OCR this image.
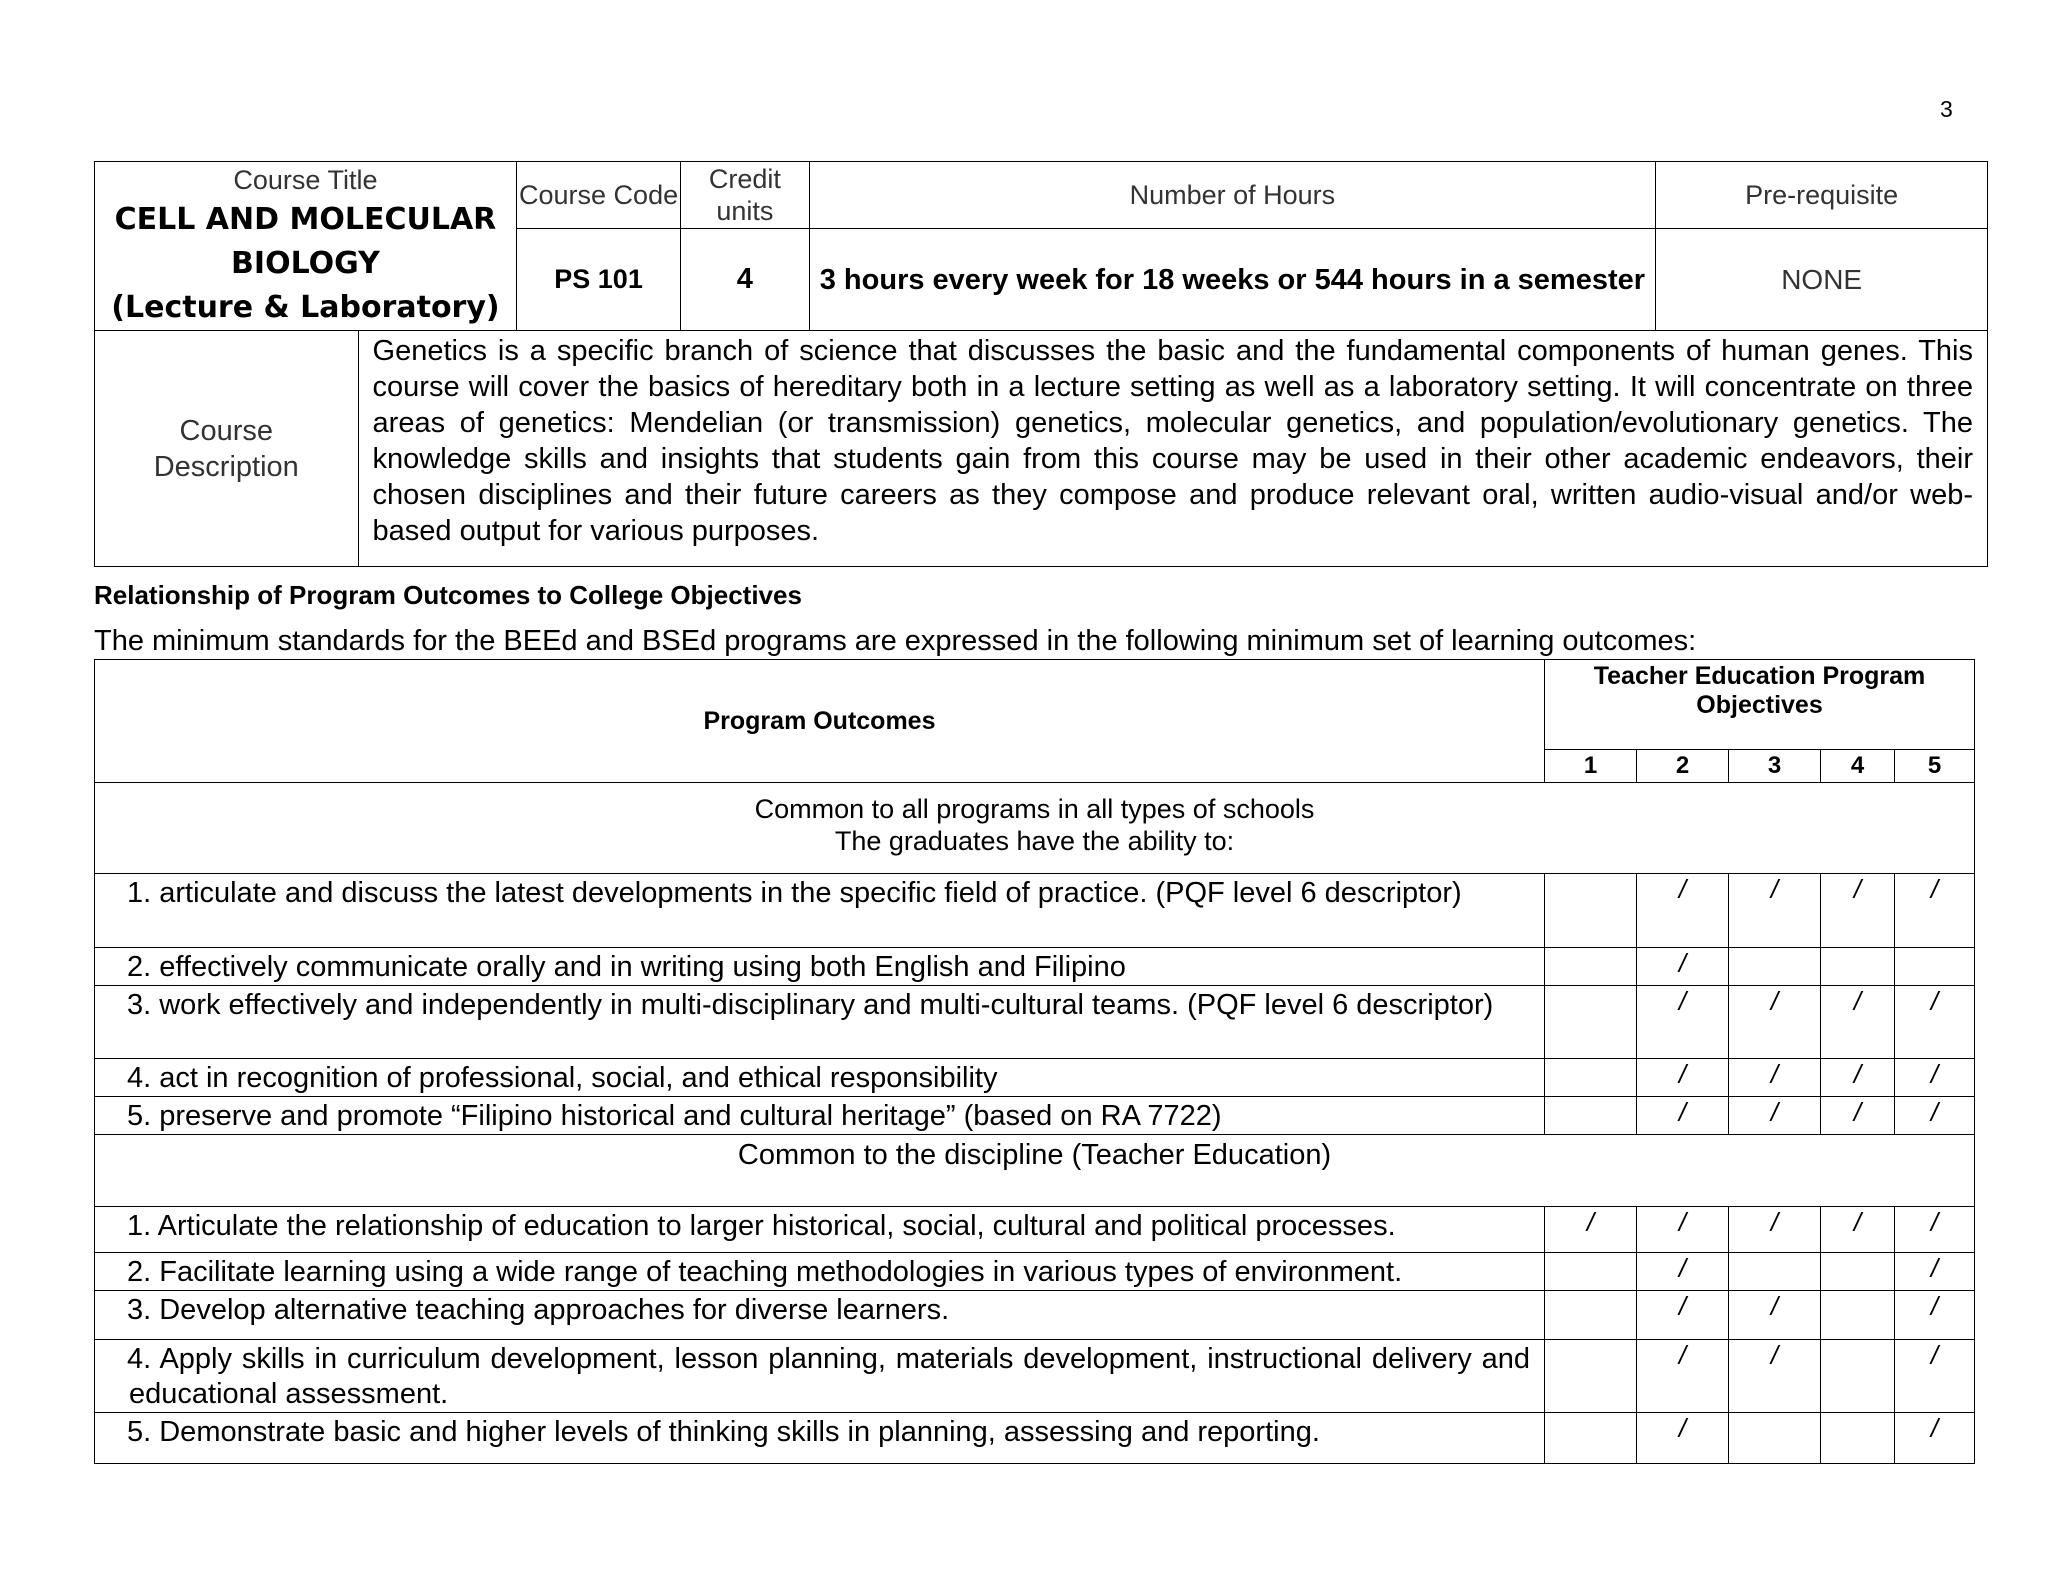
3
Course Title
CELL AND MOLECULAR
BIOLOGY
(Lecture & Laboratory)		Course Code	Credit units	Number of Hours	Pre-requisite
		PS 101	4	3 hours every week for 18 weeks or 544 hours in a semester	NONE
Course
Description	Genetics is a specific branch of science that discusses the basic and the fundamental components of human genes. This course will cover the basics of hereditary both in a lecture setting as well as a laboratory setting. It will concentrate on three areas of genetics: Mendelian (or transmission) genetics, molecular genetics, and population/evolutionary genetics. The knowledge skills and insights that students gain from this course may be used in their other academic endeavors, their chosen disciplines and their future careers as they compose and produce relevant oral, written audio-visual and/or web-based output for various purposes.				
Relationship of Program Outcomes to College Objectives
The minimum standards for the BEEd and BSEd programs are expressed in the following minimum set of learning outcomes:
Program Outcomes	Teacher Education Program Objectives				
	1	2	3	4	5

Common to all programs in all types of schools
The graduates have the ability to:					

1. articulate and discuss the latest developments in the specific field of practice. (PQF level 6 descriptor)		/	/	/	/
2. effectively communicate orally and in writing using both English and Filipino		/			
3. work effectively and independently in multi-disciplinary and multi-cultural teams. (PQF level 6 descriptor)		/	/	/	/
4. act in recognition of professional, social, and ethical responsibility		/	/	/	/
5. preserve and promote “Filipino historical and cultural heritage” (based on RA 7722)		/	/	/	/

Common to the discipline (Teacher Education)					

1. Articulate the relationship of education to larger historical, social, cultural and political processes.	/	/	/	/	/
2. Facilitate learning using a wide range of teaching methodologies in various types of environment.		/			/
3. Develop alternative teaching approaches for diverse learners.		/	/		/
4. Apply skills in curriculum development, lesson planning, materials development, instructional delivery and educational assessment.		/	/		/
5. Demonstrate basic and higher levels of thinking skills in planning, assessing and reporting.		/			/
